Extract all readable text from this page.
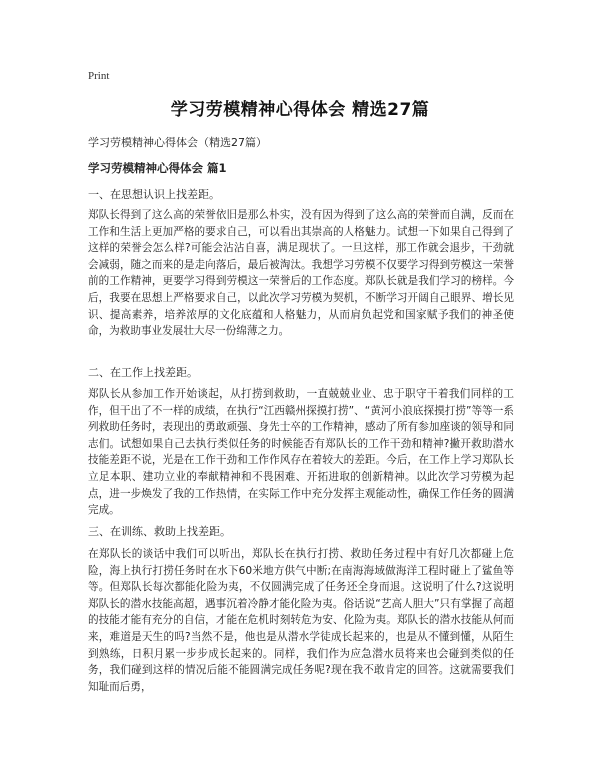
Print
学习劳模精神心得体会 精选27篇
学习劳模精神心得体会（精选27篇）
学习劳模精神心得体会 篇1
一、在思想认识上找差距。

郑队长得到了这么高的荣誉依旧是那么朴实，没有因为得到了这么高的荣誉而自满，反而在工作和生活上更加严格的要求自己，可以看出其崇高的人格魅力。试想一下如果自己得到了这样的荣誉会怎么样?可能会沾沾自喜，满足现状了。一旦这样，那工作就会退步，干劲就会减弱，随之而来的是走向落后，最后被淘汰。我想学习劳模不仅要学习得到劳模这一荣誉前的工作精神，更要学习得到劳模这一荣誉后的工作态度。郑队长就是我们学习的榜样。今后，我要在思想上严格要求自己，以此次学习劳模为契机，不断学习开阔自己眼界、增长见识、提高素养，培养浓厚的文化底蕴和人格魅力，从而肩负起党和国家赋予我们的神圣使命，为救助事业发展壮大尽一份绵薄之力。

二、在工作上找差距。

郑队长从参加工作开始谈起，从打捞到救助，一直兢兢业业、忠于职守干着我们同样的工作，但干出了不一样的成绩，在执行“江西赣州探摸打捞”、“黄河小浪底探摸打捞”等等一系列救助任务时，表现出的勇敢顽强、身先士卒的工作精神，感动了所有参加座谈的领导和同志们。试想如果自己去执行类似任务的时候能否有郑队长的工作干劲和精神?撇开救助潜水技能差距不说，光是在工作干劲和工作作风存在着较大的差距。今后，在工作上学习郑队长立足本职、建功立业的奉献精神和不畏困难、开拓进取的创新精神。以此次学习劳模为起点，进一步焕发了我的工作热情，在实际工作中充分发挥主观能动性，确保工作任务的圆满完成。

三、在训练、救助上找差距。

在郑队长的谈话中我们可以听出，郑队长在执行打捞、救助任务过程中有好几次都碰上危险，海上执行打捞任务时在水下60米地方供气中断;在南海海域做海洋工程时碰上了鲨鱼等等。但郑队长每次都能化险为夷，不仅圆满完成了任务还全身而退。这说明了什么?这说明郑队长的潜水技能高超，遇事沉着冷静才能化险为夷。俗话说“艺高人胆大”只有掌握了高超的技能才能有充分的自信，才能在危机时刻转危为安、化险为夷。郑队长的潜水技能从何而来，难道是天生的吗?当然不是，他也是从潜水学徒成长起来的，也是从不懂到懂，从陌生到熟练，日积月累一步步成长起来的。同样，我们作为应急潜水员将来也会碰到类似的任务，我们碰到这样的情况后能不能圆满完成任务呢?现在我不敢肯定的回答。这就需要我们知耻而后勇，
